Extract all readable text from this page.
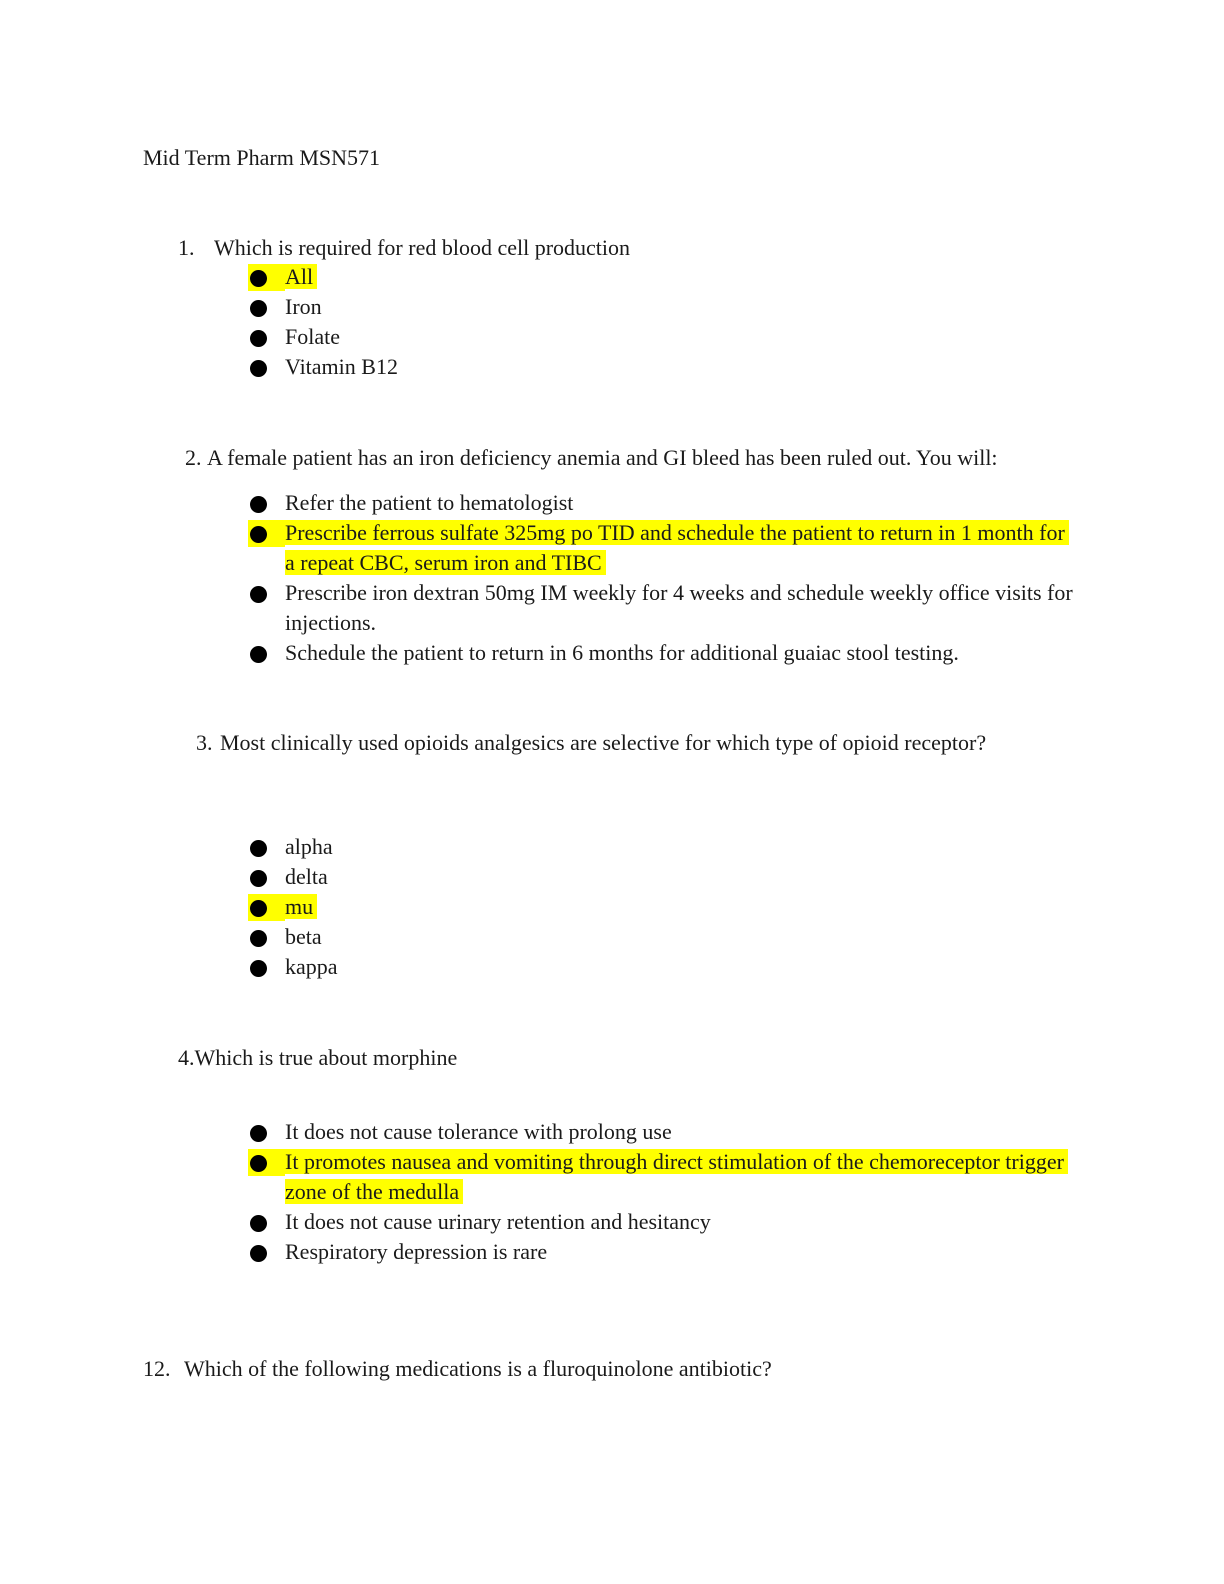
Mid Term Pharm MSN571
1. Which is required for red blood cell production
All
Iron
Folate
Vitamin B12
2. A female patient has an iron deficiency anemia and GI bleed has been ruled out. You will:
Refer the patient to hematologist
Prescribe ferrous sulfate 325mg po TID and schedule the patient to return in 1 month for a repeat CBC, serum iron and TIBC
Prescribe iron dextran 50mg IM weekly for 4 weeks and schedule weekly office visits for injections.
Schedule the patient to return in 6 months for additional guaiac stool testing.
3. Most clinically used opioids analgesics are selective for which type of opioid receptor?
alpha
delta
mu
beta
kappa
4.Which is true about morphine
It does not cause tolerance with prolong use
It promotes nausea and vomiting through direct stimulation of the chemoreceptor trigger zone of the medulla
It does not cause urinary retention and hesitancy
Respiratory depression is rare
12. Which of the following medications is a fluroquinolone antibiotic?
